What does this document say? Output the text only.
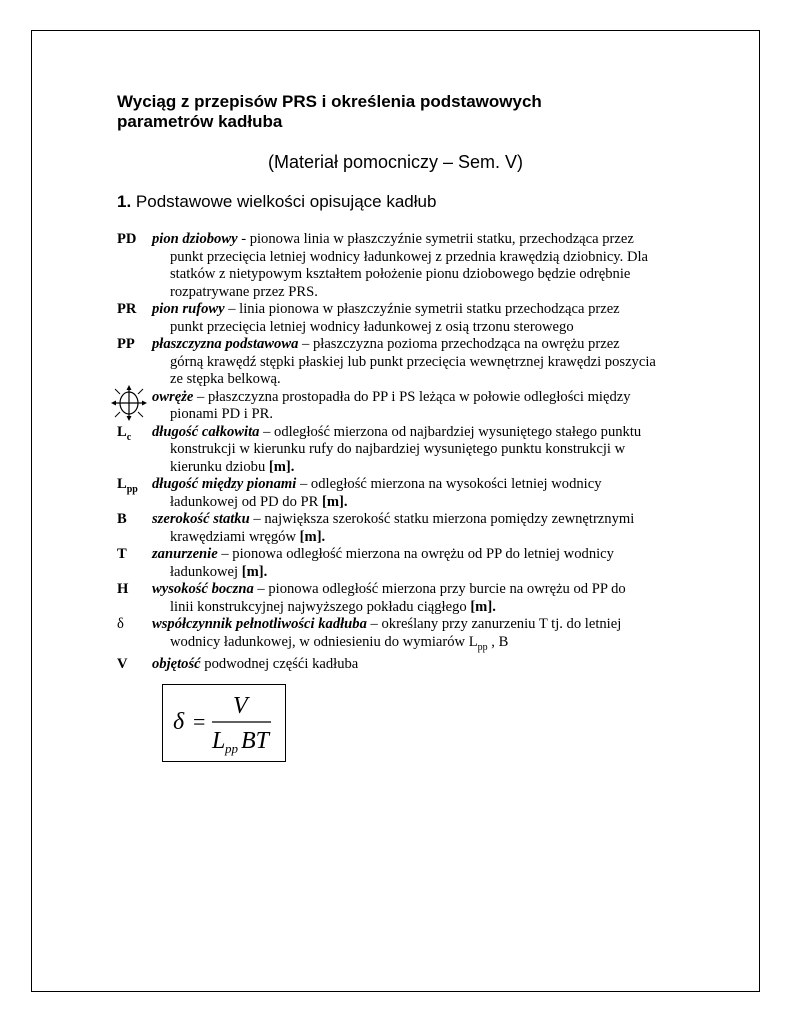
Wyciąg z przepisów PRS i określenia podstawowych
parametrów kadłuba
(Materiał pomocniczy – Sem. V)
1. Podstawowe wielkości opisujące kadłub
PD	pion dziobowy - pionowa linia w płaszczyźnie symetrii statku, przechodząca przez
punkt przecięcia letniej wodnicy ładunkowej z przednia krawędzią dziobnicy. Dla
statków z nietypowym kształtem położenie pionu dziobowego będzie odrębnie
rozpatrywane przez PRS.
PR	pion rufowy – linia pionowa w płaszczyźnie symetrii statku przechodząca przez
punkt przecięcia letniej wodnicy ładunkowej z osią trzonu sterowego
PP	płaszczyzna podstawowa – płaszczyzna pozioma przechodząca na owrężu przez
górną krawędź stępki płaskiej lub punkt przecięcia wewnętrznej krawędzi poszycia
ze stępka belkową.
owręże – płaszczyzna prostopadła do PP i PS leżąca w połowie odległości między
pionami PD i PR.
$L_c$	długość całkowita – odległość mierzona od najbardziej wysuniętego stałego punktu
konstrukcji w kierunku rufy do najbardziej wysuniętego punktu konstrukcji w
kierunku dziobu [m].
$L_{pp}$ długość między pionami – odległość mierzona na wysokości letniej wodnicy
ładunkowej od PD do PR [m].
B	szerokość statku – największa szerokość statku mierzona pomiędzy zewnętrznymi
krawędziami wręgów [m].
T	zanurzenie – pionowa odległość mierzona na owrężu od PP do letniej wodnicy
ładunkowej [m].
H	wysokość boczna – pionowa odległość mierzona przy burcie na owrężu od PP do
linii konstrukcyjnej najwyższego pokładu ciągłego [m].
δ	współczynnik pełnotliwości kadłuba – określany przy zanurzeniu T tj. do letniej
wodnicy ładunkowej, w odniesieniu do wymiarów $L_{pp}$ , B
V	objętość podwodnej częśći kadłuba
δ =
V
L pp BT
